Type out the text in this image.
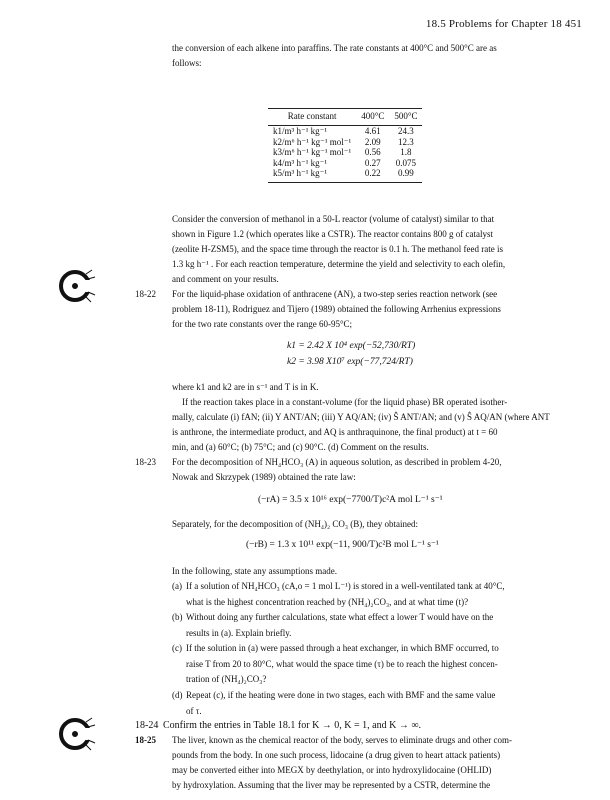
18.5 Problems for Chapter 18 451
the conversion of each alkene into paraffins. The rate constants at 400°C and 500°C are as
follows:
Rate constant	400°C	500°C
k1/m³ h⁻¹ kg⁻¹	4.61	24.3
k2/m⁶ h⁻¹ kg⁻¹ mol⁻¹	2.09	12.3
k3/m⁶ h⁻¹ kg⁻¹ mol⁻¹	0.56	1.8
k4/m³ h⁻¹ kg⁻¹	0.27	0.075
k5/m³ h⁻¹ kg⁻¹	0.22	0.99
Consider the conversion of methanol in a 50-L reactor (volume of catalyst) similar to that
shown in Figure 1.2 (which operates like a CSTR). The reactor contains 800 g of catalyst
(zeolite H-ZSM5), and the space time through the reactor is 0.1 h. The methanol feed rate is
1.3 kg h⁻¹ . For each reaction temperature, determine the yield and selectivity to each olefin,
and comment on your results.
18-22 For the liquid-phase oxidation of anthracene (AN), a two-step series reaction network (see
problem 18-11), Rodriguez and Tijero (1989) obtained the following Arrhenius expressions
for the two rate constants over the range 60-95°C;
k1 = 2.42 X 10⁴ exp(−52,730/RT)
k2 = 3.98 X10⁷ exp(−77,724/RT)
where k1 and k2 are in s⁻¹ and T is in K.
If the reaction takes place in a constant-volume (for the liquid phase) BR operated isother-
mally, calculate (i) fAN; (ii) Y ANT/AN; (iii) Y AQ/AN; (iv) Ŝ ANT/AN; and (v) Ŝ AQ/AN (where ANT
is anthrone, the intermediate product, and AQ is anthraquinone, the final product) at t = 60
min, and (a) 60°C; (b) 75°C; and (c) 90°C. (d) Comment on the results.
18-23 For the decomposition of NH₄HCO₃ (A) in aqueous solution, as described in problem 4-20,
Nowak and Skrzypek (1989) obtained the rate law:
(−rA) = 3.5 x 10¹⁶ exp(−7700/T)c²A mol L⁻¹ s⁻¹
Separately, for the decomposition of (NH₄)₂ CO₃ (B), they obtained:
(−rB) = 1.3 x 10¹¹ exp(−11, 900/T)c²B mol L⁻¹ s⁻¹
In the following, state any assumptions made.
(a) If a solution of NH₄HCO₃ (cA,o = 1 mol L⁻¹) is stored in a well-ventilated tank at 40°C,
what is the highest concentration reached by (NH₄)₂CO₃, and at what time (t)?
(b) Without doing any further calculations, state what effect a lower T would have on the
results in (a). Explain briefly.
(c) If the solution in (a) were passed through a heat exchanger, in which BMF occurred, to
raise T from 20 to 80°C, what would the space time (τ) be to reach the highest concen-
tration of (NH₄)₂CO₃?
(d) Repeat (c), if the heating were done in two stages, each with BMF and the same value
of τ.
18-24 Confirm the entries in Table 18.1 for K → 0, K = 1, and K → ∞.
18-25 The liver, known as the chemical reactor of the body, serves to eliminate drugs and other com-
pounds from the body. In one such process, lidocaine (a drug given to heart attack patients)
may be converted either into MEGX by deethylation, or into hydroxylidocaine (OHLID)
by hydroxylation. Assuming that the liver may be represented by a CSTR, determine the
